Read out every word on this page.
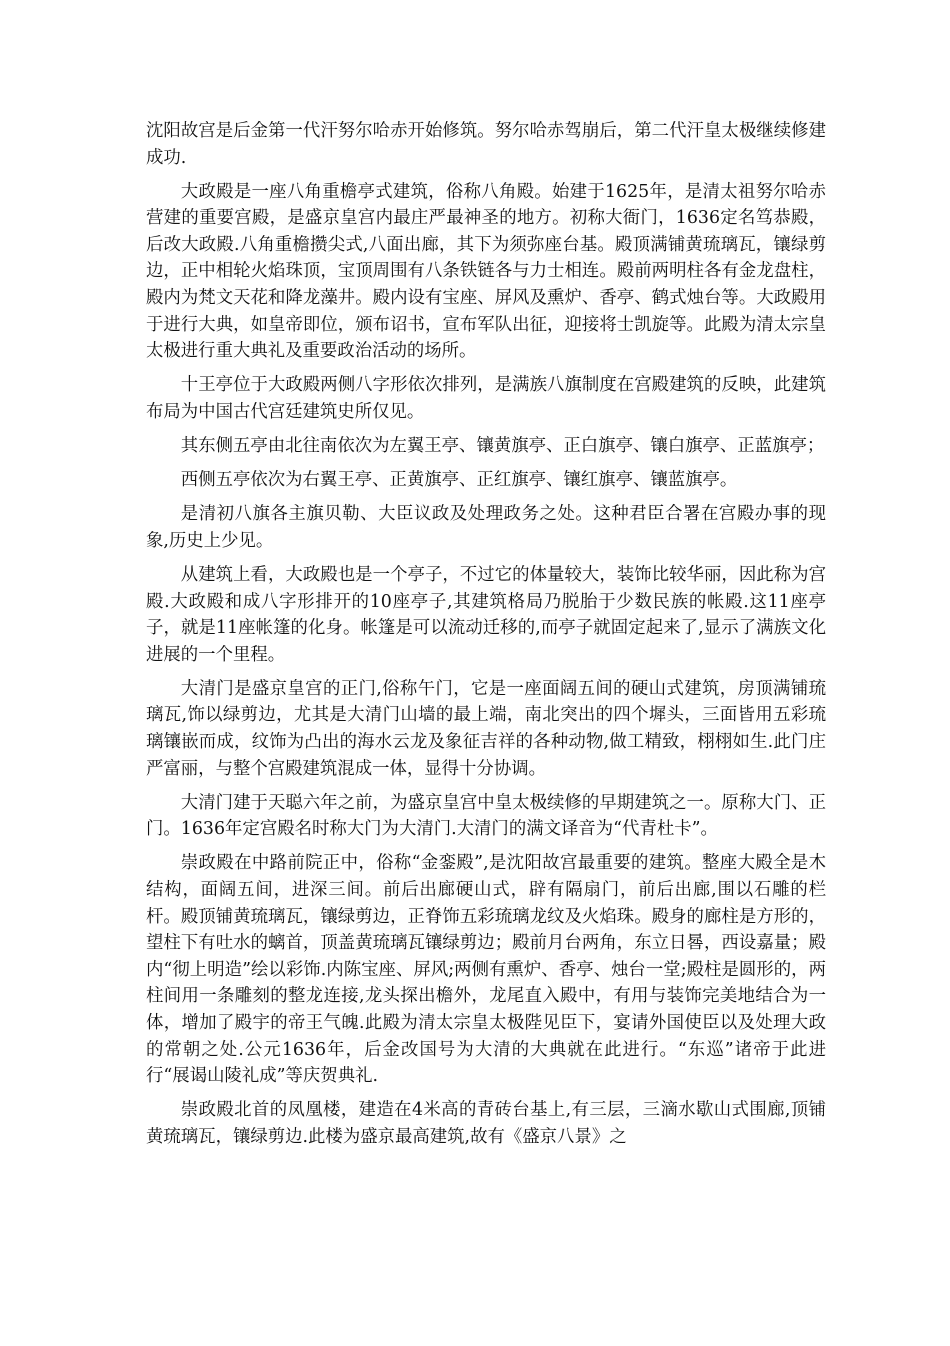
沈阳故宫是后金第一代汗努尔哈赤开始修筑。努尔哈赤驾崩后，第二代汗皇太极继续修建成功.

大政殿是一座八角重檐亭式建筑，俗称八角殿。始建于1625年，是清太祖努尔哈赤营建的重要宫殿，是盛京皇宫内最庄严最神圣的地方。初称大衙门，1636定名笃恭殿，后改大政殿.八角重檐攒尖式,八面出廊，其下为须弥座台基。殿顶满铺黄琉璃瓦，镶绿剪边，正中相轮火焰珠顶，宝顶周围有八条铁链各与力士相连。殿前两明柱各有金龙盘柱，殿内为梵文天花和降龙藻井。殿内设有宝座、屏风及熏炉、香亭、鹤式烛台等。大政殿用于进行大典，如皇帝即位，颁布诏书，宣布军队出征，迎接将士凯旋等。此殿为清太宗皇太极进行重大典礼及重要政治活动的场所。

十王亭位于大政殿两侧八字形依次排列，是满族八旗制度在宫殿建筑的反映，此建筑布局为中国古代宫廷建筑史所仅见。

其东侧五亭由北往南依次为左翼王亭、镶黄旗亭、正白旗亭、镶白旗亭、正蓝旗亭；

西侧五亭依次为右翼王亭、正黄旗亭、正红旗亭、镶红旗亭、镶蓝旗亭。

是清初八旗各主旗贝勒、大臣议政及处理政务之处。这种君臣合署在宫殿办事的现象,历史上少见。

从建筑上看，大政殿也是一个亭子，不过它的体量较大，装饰比较华丽，因此称为宫殿.大政殿和成八字形排开的10座亭子,其建筑格局乃脱胎于少数民族的帐殿.这11座亭子，就是11座帐篷的化身。帐篷是可以流动迁移的,而亭子就固定起来了,显示了满族文化进展的一个里程。

大清门是盛京皇宫的正门,俗称午门，它是一座面阔五间的硬山式建筑，房顶满铺琉璃瓦,饰以绿剪边，尤其是大清门山墙的最上端，南北突出的四个墀头，三面皆用五彩琉璃镶嵌而成，纹饰为凸出的海水云龙及象征吉祥的各种动物,做工精致，栩栩如生.此门庄严富丽，与整个宫殿建筑混成一体，显得十分协调。

大清门建于天聪六年之前，为盛京皇宫中皇太极续修的早期建筑之一。原称大门、正门。1636年定宫殿名时称大门为大清门.大清门的满文译音为“代青杜卡”。

崇政殿在中路前院正中，俗称“金銮殿”,是沈阳故宫最重要的建筑。整座大殿全是木结构，面阔五间，进深三间。前后出廊硬山式，辟有隔扇门，前后出廊,围以石雕的栏杆。殿顶铺黄琉璃瓦，镶绿剪边，正脊饰五彩琉璃龙纹及火焰珠。殿身的廊柱是方形的，望柱下有吐水的螭首，顶盖黄琉璃瓦镶绿剪边；殿前月台两角，东立日晷，西设嘉量；殿内“彻上明造”绘以彩饰.内陈宝座、屏风;两侧有熏炉、香亭、烛台一堂;殿柱是圆形的，两柱间用一条雕刻的整龙连接,龙头探出檐外，龙尾直入殿中，有用与装饰完美地结合为一体，增加了殿宇的帝王气魄.此殿为清太宗皇太极陛见臣下，宴请外国使臣以及处理大政的常朝之处.公元1636年，后金改国号为大清的大典就在此进行。“东巡”诸帝于此进行“展谒山陵礼成”等庆贺典礼.

崇政殿北首的凤凰楼，建造在4米高的青砖台基上,有三层，三滴水歇山式围廊,顶铺黄琉璃瓦，镶绿剪边.此楼为盛京最高建筑,故有《盛京八景》之
